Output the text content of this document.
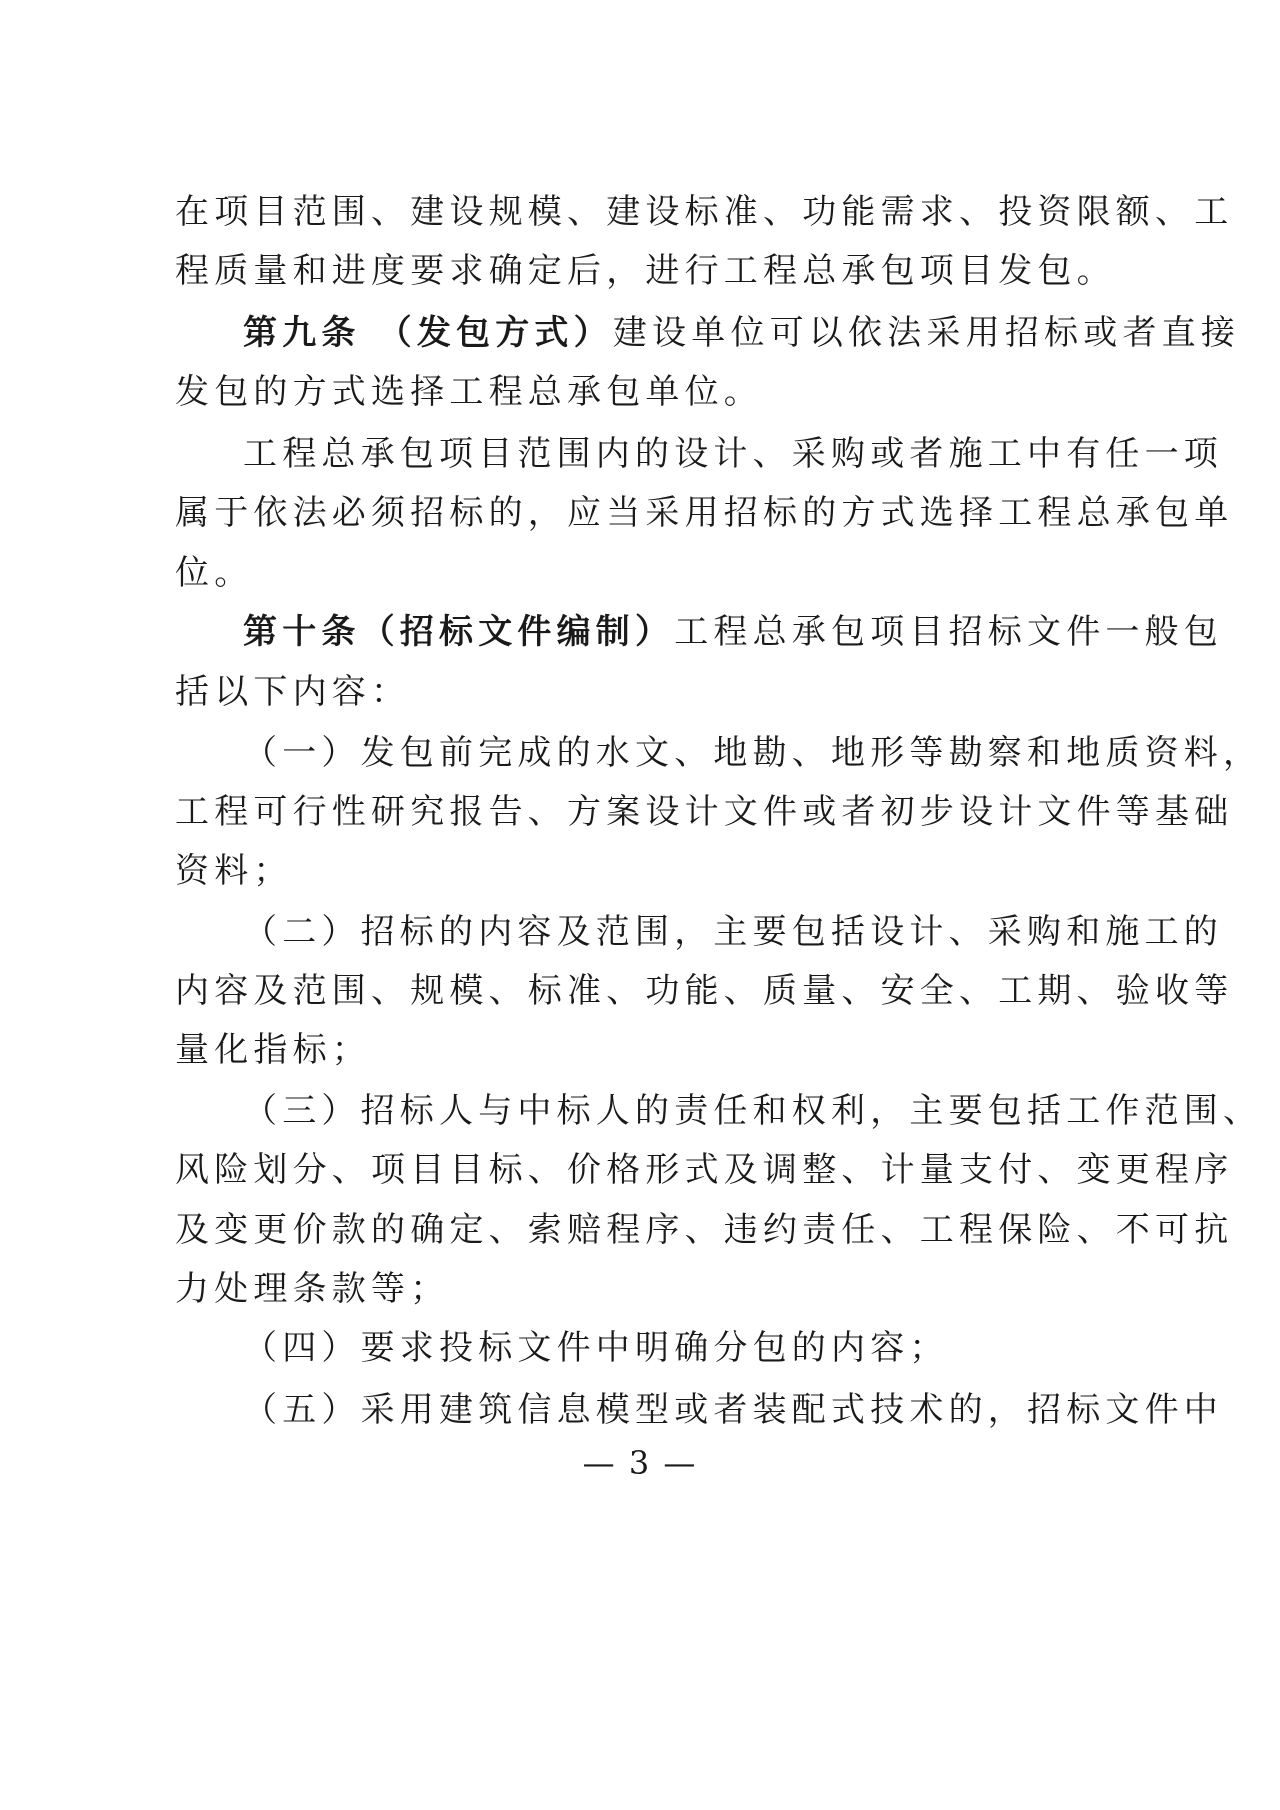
在项目范围、建设规模、建设标准、功能需求、投资限额、工
程质量和进度要求确定后，进行工程总承包项目发包。
第九条 （发包方式）建设单位可以依法采用招标或者直接
发包的方式选择工程总承包单位。
工程总承包项目范围内的设计、采购或者施工中有任一项
属于依法必须招标的，应当采用招标的方式选择工程总承包单
位。
第十条（招标文件编制）工程总承包项目招标文件一般包
括以下内容：
（一）发包前完成的水文、地勘、地形等勘察和地质资料，
工程可行性研究报告、方案设计文件或者初步设计文件等基础
资料；
（二）招标的内容及范围，主要包括设计、采购和施工的
内容及范围、规模、标准、功能、质量、安全、工期、验收等
量化指标；
（三）招标人与中标人的责任和权利，主要包括工作范围、
风险划分、项目目标、价格形式及调整、计量支付、变更程序
及变更价款的确定、索赔程序、违约责任、工程保险、不可抗
力处理条款等；
（四）要求投标文件中明确分包的内容；
（五）采用建筑信息模型或者装配式技术的，招标文件中
— 3 —
